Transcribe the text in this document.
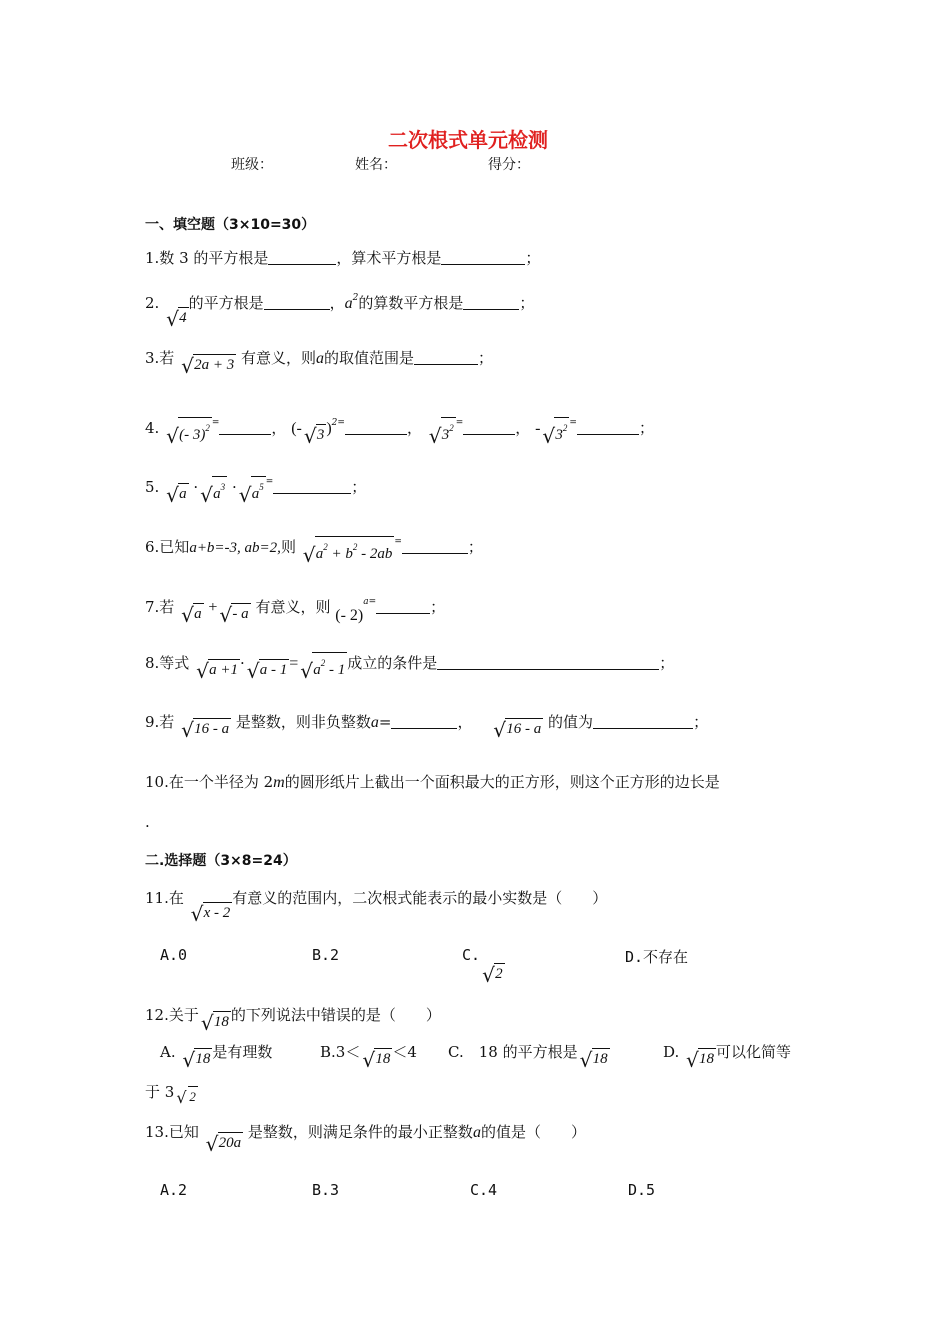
二次根式单元检测
班级：	姓名：	得分：
一、填空题（3×10=30）
1.数 3 的平方根是	，算术平方根是	；
2.
√ 4的平方根是	，$a^2$的算数平方根是	；
3.若 √ 2a + 3 有意义，则a的取值范围是	；
4. √ (- 3)$^2$ =	， (- √ 3 )$^{2=}$	， √ $3^2$ =	， - √ $3^2$ =	；
5. √ a · √ $a^3$ · √ $a^5$ =	；
6.已知a+b=-3, ab=2,则 √ $a^2 + b^2 - 2ab^=$	；
7.若 √ a + √ - a 有意义，则 (- 2)$^{a=}$	；
8.等式 √ a +1 · √ a - 1 = √ $a^2 - 1$ 成立的条件是	；
9.若 √ 16 - a 是整数，则非负整数a=	， √ 16 - a 的值为	；
10.在一个半径为 2m的圆形纸片上截出一个面积最大的正方形，则这个正方形的边长是
.
二.选择题（3×8=24）
11.在
√ x - 2有意义的范围内，二次根式能表示的最小实数是（　　）
A.0	B.2	C.
√ 2
D.不存在
12.关于 √ 18 的下列说法中错误的是（　　）
A. √ 18 是有理数	B.3＜ √ 18 ＜4 C.　18 的平方根是 √ 18	D. √ 18 可以化简等
于 3 √ 2
13.已知 √ 20a 是整数，则满足条件的最小正整数a的值是（　　）
A.2	B.3	C.4	D.5
